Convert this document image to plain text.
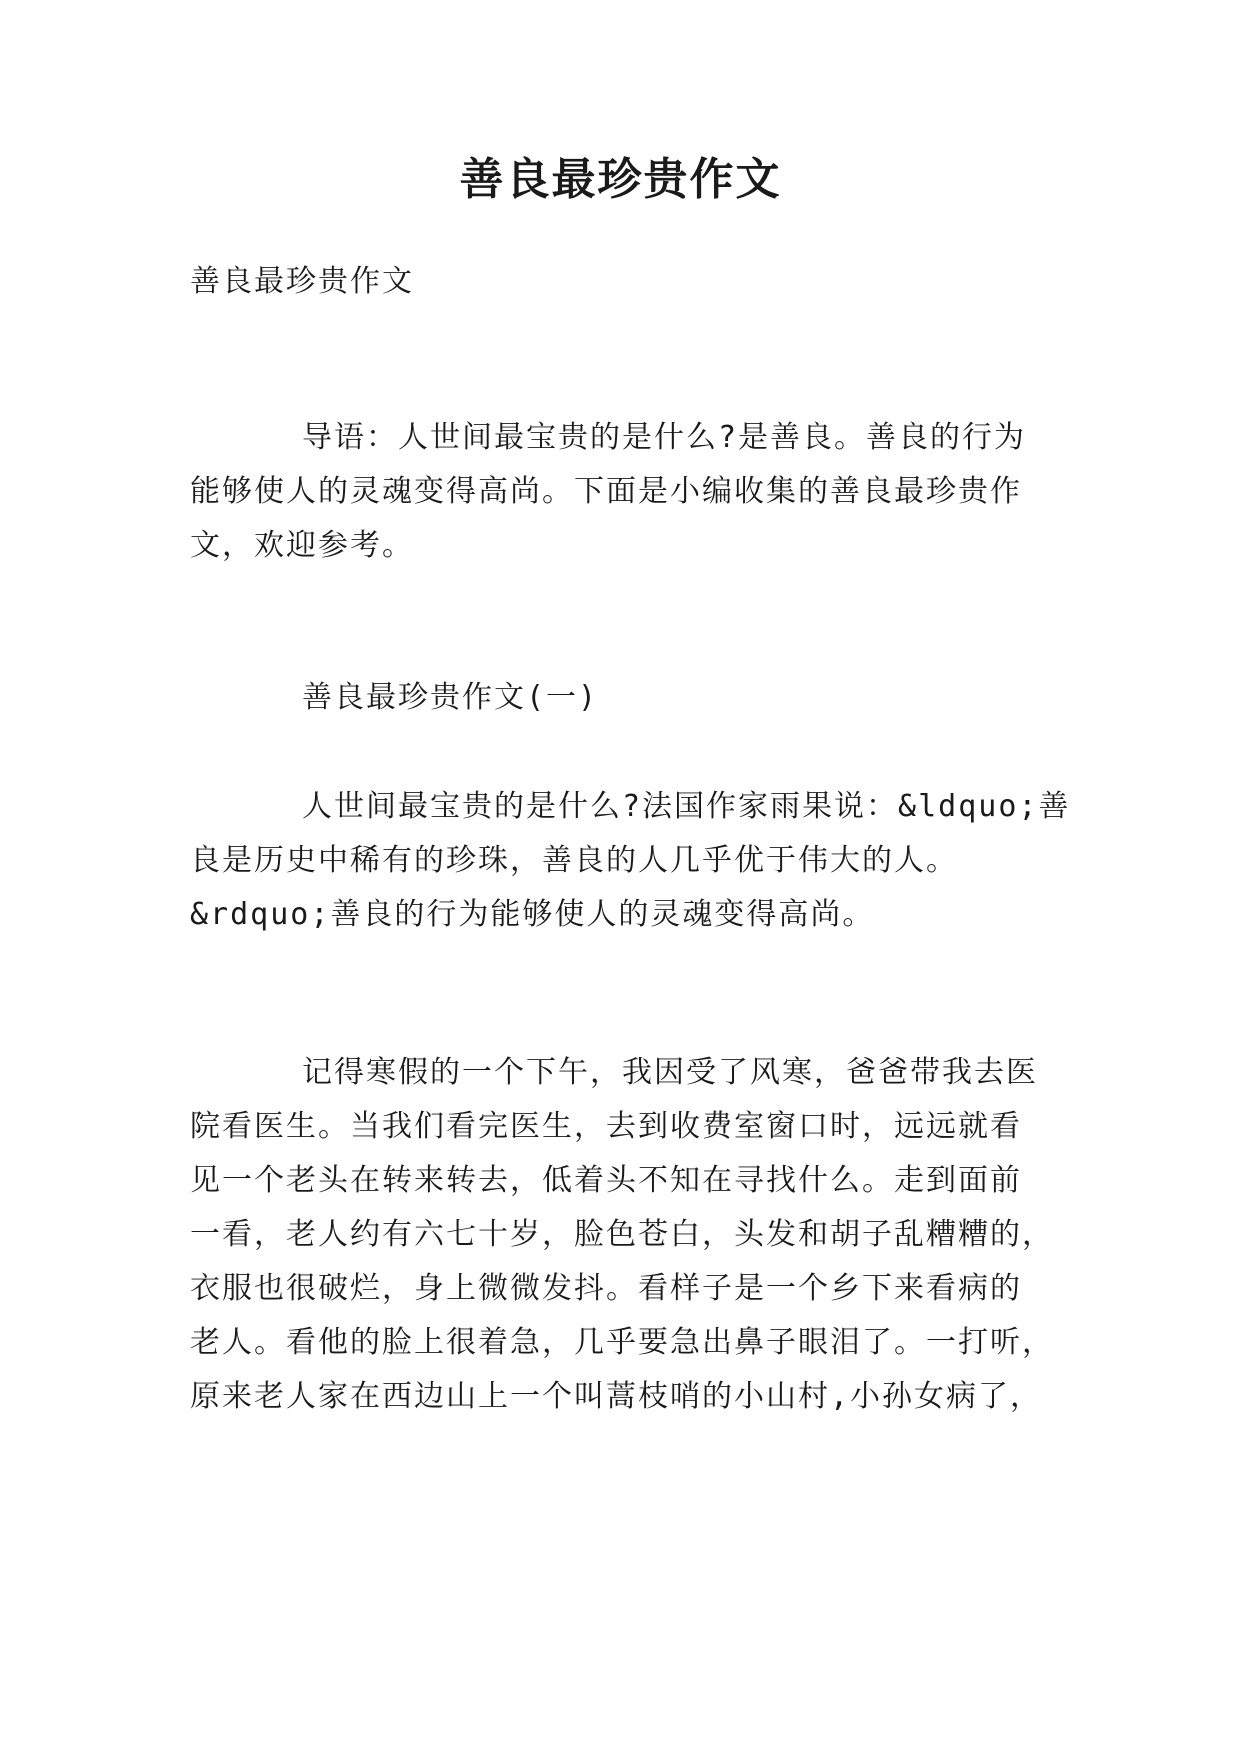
善良最珍贵作文

善良最珍贵作文

导语：人世间最宝贵的是什么?是善良。善良的行为

能够使人的灵魂变得高尚。下面是小编收集的善良最珍贵作

文，欢迎参考。

善良最珍贵作文(一)

人世间最宝贵的是什么?法国作家雨果说：&ldquo;善

良是历史中稀有的珍珠，善良的人几乎优于伟大的人。

&rdquo;善良的行为能够使人的灵魂变得高尚。

记得寒假的一个下午，我因受了风寒，爸爸带我去医

院看医生。当我们看完医生，去到收费室窗口时，远远就看

见一个老头在转来转去，低着头不知在寻找什么。走到面前

一看，老人约有六七十岁，脸色苍白，头发和胡子乱糟糟的，

衣服也很破烂，身上微微发抖。看样子是一个乡下来看病的

老人。看他的脸上很着急，几乎要急出鼻子眼泪了。一打听，

原来老人家在西边山上一个叫蒿枝哨的小山村,小孙女病了，
